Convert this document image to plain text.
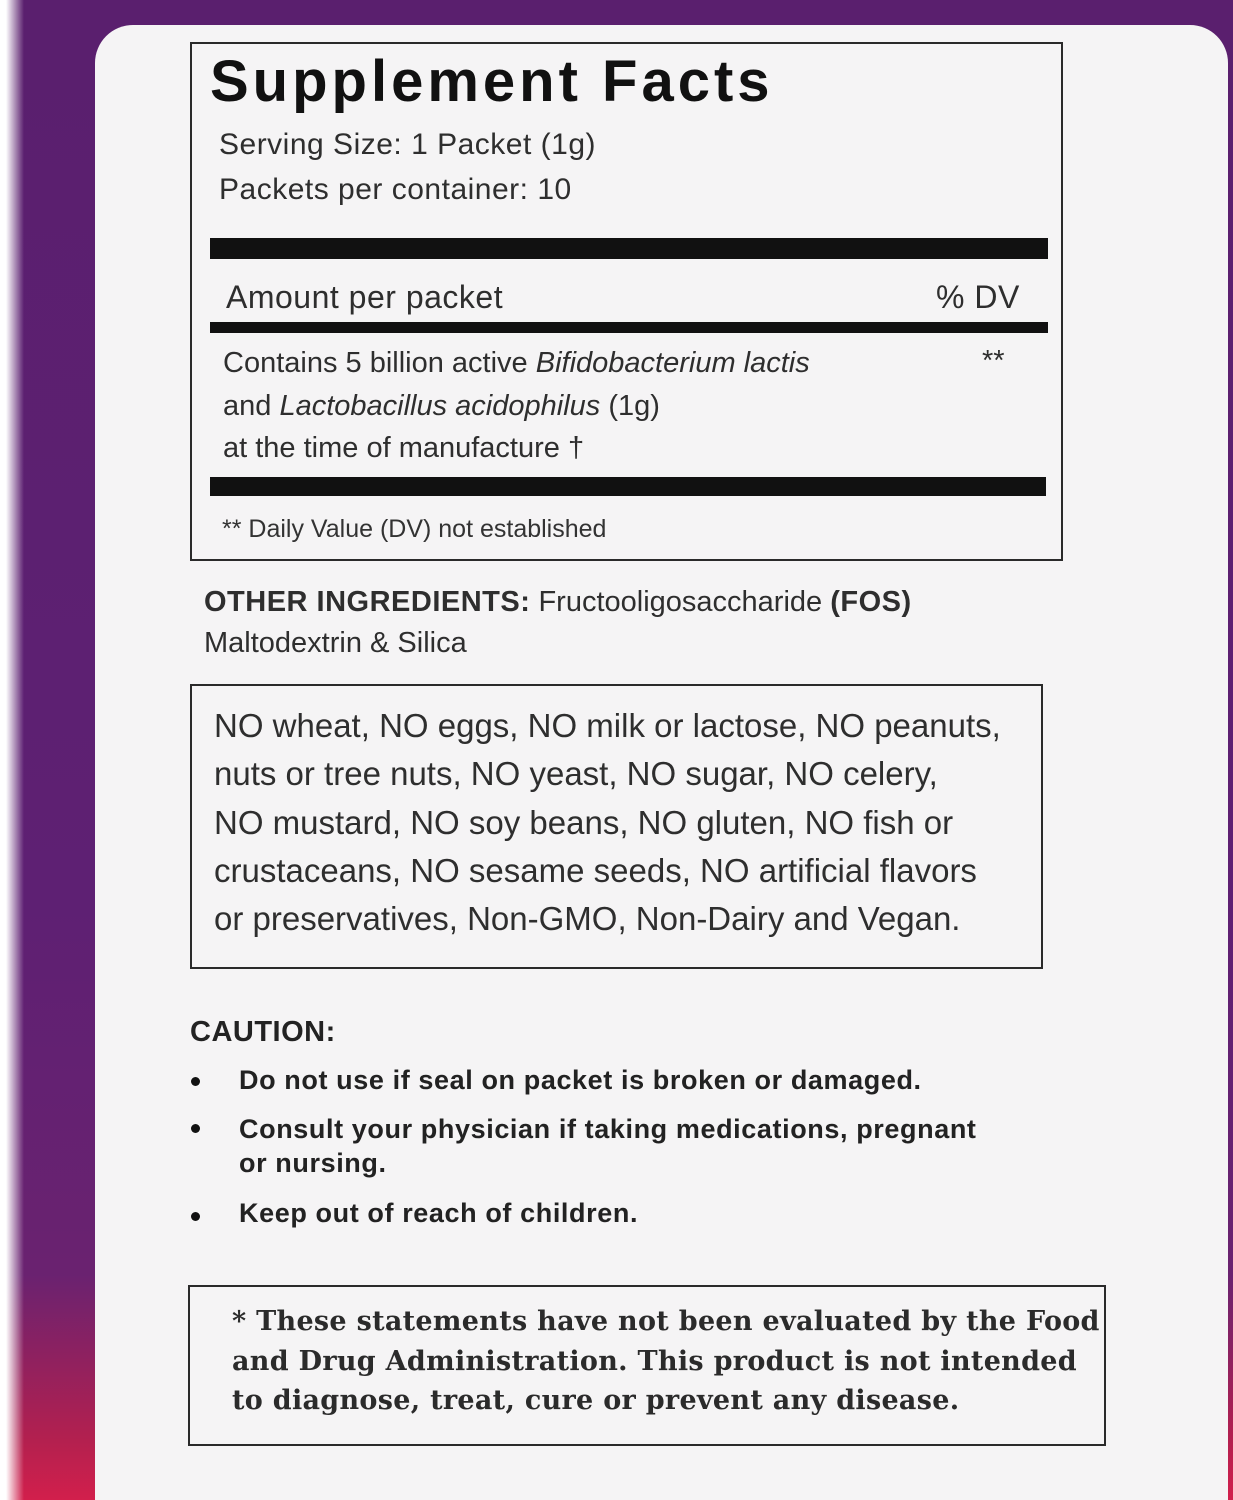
Supplement Facts
Serving Size: 1 Packet (1g)
Packets per container: 10
Amount per packet	% DV
Contains 5 billion active Bifidobacterium lactis
and Lactobacillus acidophilus (1g)
at the time of manufacture †
**
** Daily Value (DV) not established
OTHER INGREDIENTS: Fructooligosaccharide (FOS)
Maltodextrin & Silica
NO wheat, NO eggs, NO milk or lactose, NO peanuts,
nuts or tree nuts, NO yeast, NO sugar, NO celery,
NO mustard, NO soy beans, NO gluten, NO fish or
crustaceans, NO sesame seeds, NO artificial flavors
or preservatives, Non-GMO, Non-Dairy and Vegan.
CAUTION:
Do not use if seal on packet is broken or damaged.
Consult your physician if taking medications, pregnant
or nursing.
Keep out of reach of children.
* These statements have not been evaluated by the Food
and Drug Administration. This product is not intended
to diagnose, treat, cure or prevent any disease.
